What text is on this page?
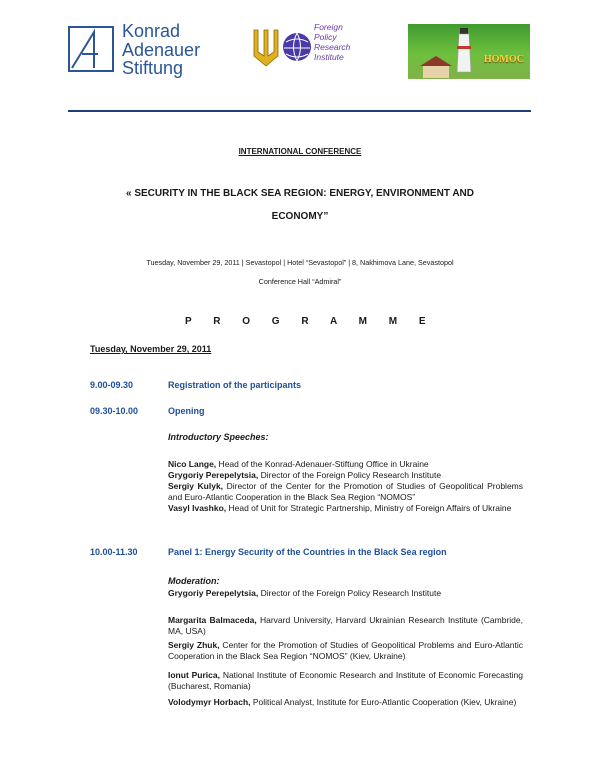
Konrad
Adenauer
Stiftung
Foreign
Policy
Research
Institute	НОМОС
INTERNATIONAL CONFERENCE
« SECURITY IN THE BLACK SEA REGION: ENERGY, ENVIRONMENT AND
ECONOMY”
Tuesday, November 29, 2011 | Sevastopol | Hotel “Sevastopol” | 8, Nakhimova Lane, Sevastopol
Conference Hall “Admiral”
P R O G R A M M E
Tuesday, November 29, 2011
9.00-09.30	Registration of the participants
09.30-10.00	Opening
Introductory Speeches:
Nico Lange, Head of the Konrad-Adenauer-Stiftung Office in Ukraine
Grygoriy Perepelytsia, Director of the Foreign Policy Research Institute
Sergiy Kulyk, Director of the Center for the Promotion of Studies of Geopolitical Problems and Euro-Atlantic Cooperation in the Black Sea Region “NOMOS”
Vasyl Ivashko, Head of Unit for Strategic Partnership, Ministry of Foreign Affairs of Ukraine
10.00-11.30	Panel 1: Energy Security of the Countries in the Black Sea region
Moderation:
Grygoriy Perepelytsia, Director of the Foreign Policy Research Institute
Margarita Balmaceda, Harvard University, Harvard Ukrainian Research Institute (Cambride, MA, USA)
Sergiy Zhuk, Center for the Promotion of Studies of Geopolitical Problems and Euro-Atlantic Cooperation in the Black Sea Region “NOMOS” (Kiev, Ukraine)
Ionut Purica, National Institute of Economic Research and Institute of Economic Forecasting (Bucharest, Romania)
Volodymyr Horbach, Political Analyst, Institute for Euro-Atlantic Cooperation (Kiev, Ukraine)
